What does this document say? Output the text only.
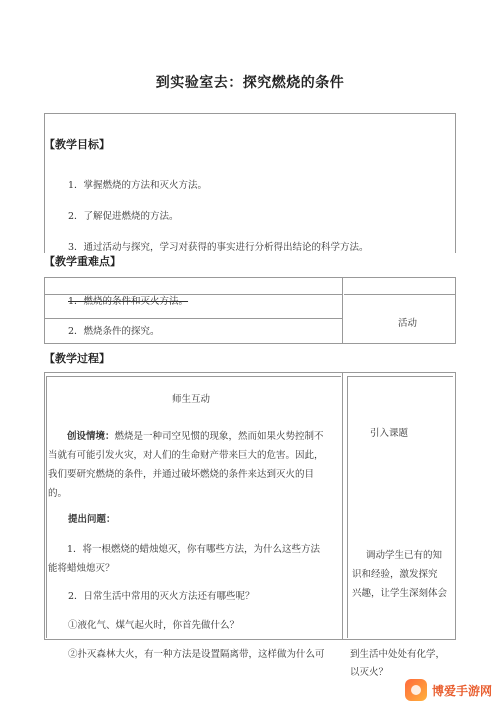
到实验室去：探究燃烧的条件
【教学目标】
1．掌握燃烧的方法和灭火方法。
2．了解促进燃烧的方法。
3．通过活动与探究，学习对获得的事实进行分析得出结论的科学方法。
【教学重难点】
1．燃烧的条件和灭火方法。
2．燃烧条件的探究。
活动
【教学过程】
师生互动
引入课题
创设情境：燃烧是一种司空见惯的现象，然而如果火势控制不
当就有可能引发火灾，对人们的生命财产带来巨大的危害。因此，
我们要研究燃烧的条件，并通过破坏燃烧的条件来达到灭火的目
的。
提出问题：
1．将一根燃烧的蜡烛熄灭，你有哪些方法，为什么这些方法
能将蜡烛熄灭？
2．日常生活中常用的灭火方法还有哪些呢？
①液化气、煤气起火时，你首先做什么？
调动学生已有的知
识和经验，激发探究
兴趣，让学生深刻体会
②扑灭森林大火，有一种方法是设置隔离带，这样做为什么可	到生活中处处有化学，
以灭火？
博爱手游网
